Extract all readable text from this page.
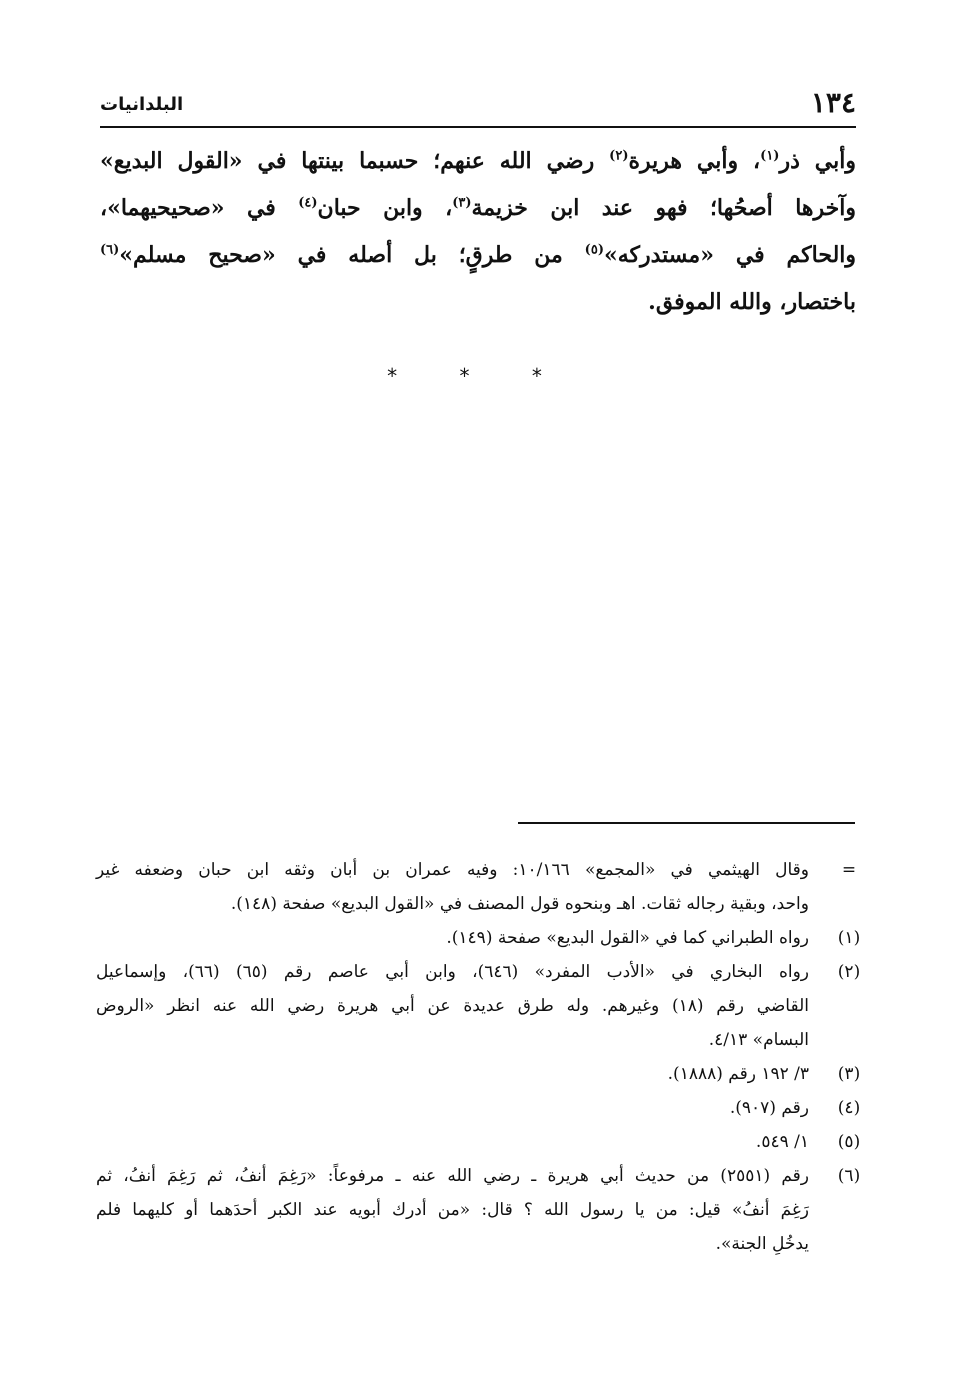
١٣٤
البلدانيات
وأبي ذر$^{(١)}$، وأبي هريرة$^{(٢)}$ رضي الله عنهم؛ حسبما بينتها في «القول البديع»
وآخرها أصحُها؛ فهو عند ابن خزيمة$^{(٣)}$، وابن حبان$^{(٤)}$ في «صحيحيهما»،
والحاكم في «مستدركه»$^{(٥)}$ من طرقٍ؛ بل أصله في «صحيح مسلم»$^{(٦)}$
باختصار، والله الموفق.
* * *
=
وقال الهيثمي في «المجمع» ١٠/١٦٦: وفيه عمران بن أبان وثقه ابن حبان وضعفه غير
واحد، وبقية رجاله ثقات. اهـ وبنحوه قول المصنف في «القول البديع» صفحة (١٤٨).
(١)
رواه الطبراني كما في «القول البديع» صفحة (١٤٩).
(٢)
رواه البخاري في «الأدب المفرد» (٦٤٦)، وابن أبي عاصم رقم (٦٥) (٦٦)، وإسماعيل
القاضي رقم (١٨) وغيرهم. وله طرق عديدة عن أبي هريرة رضي الله عنه انظر «الروض
البسام» ٤/١٣.
(٣)
٣/ ١٩٢ رقم (١٨٨٨).
(٤)
رقم (٩٠٧).
(٥)
١/ ٥٤٩.
(٦)
رقم (٢٥٥١) من حديث أبي هريرة ـ رضي الله عنه ـ مرفوعاً: «رَغِمَ أنفُ، ثم رَغِمَ أنفُ، ثم
رَغِمَ أنفُ» قيل: من يا رسول الله ؟ قال: «من أدرك أبويه عند الكبر أحدَهما أو كليهما فلم
يدخُلِ الجنة».
